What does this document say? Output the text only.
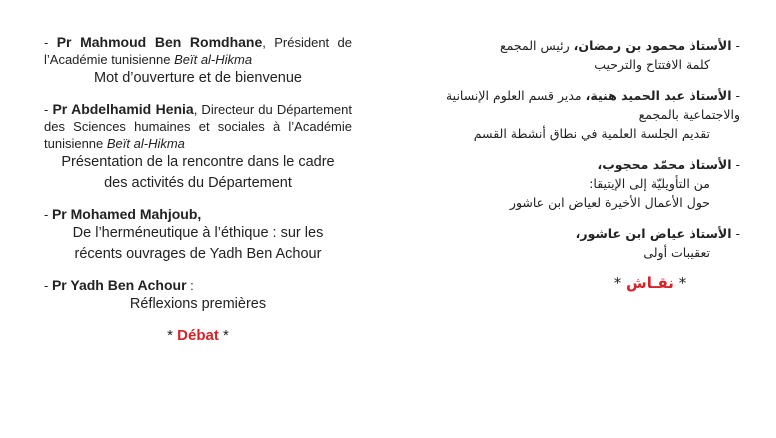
- Pr Mahmoud Ben Romdhane, Président de l’Académie tunisienne Beït al-Hikma
Mot d’ouverture et de bienvenue
- Pr Abdelhamid Henia, Directeur du Département des Sciences humaines et sociales à l’Académie tunisienne Beït al-Hikma
Présentation de la rencontre dans le cadre
des activités du Département
- Pr Mohamed Mahjoub,
De l’herméneutique à l’éthique : sur les
récents ouvrages de Yadh Ben Achour
- Pr Yadh Ben Achour :
Réflexions premières
* Débat *
- الأستاذ محمود بن رمضان، رئيس المجمع
كلمة الافتتاح والترحيب
- الأستاذ عبد الحميد هنية، مدير قسم العلوم الإنسانية والاجتماعية بالمجمع
تقديم الجلسة العلمية في نطاق أنشطة القسم
- الأستاذ محمّد محجوب،
من التأويليّة إلى الإيتيقا:
حول الأعمال الأخيرة لعياض ابن عاشور
- الأستاذ عياض ابن عاشور،
تعقيبات أولى
* نقـاش *
